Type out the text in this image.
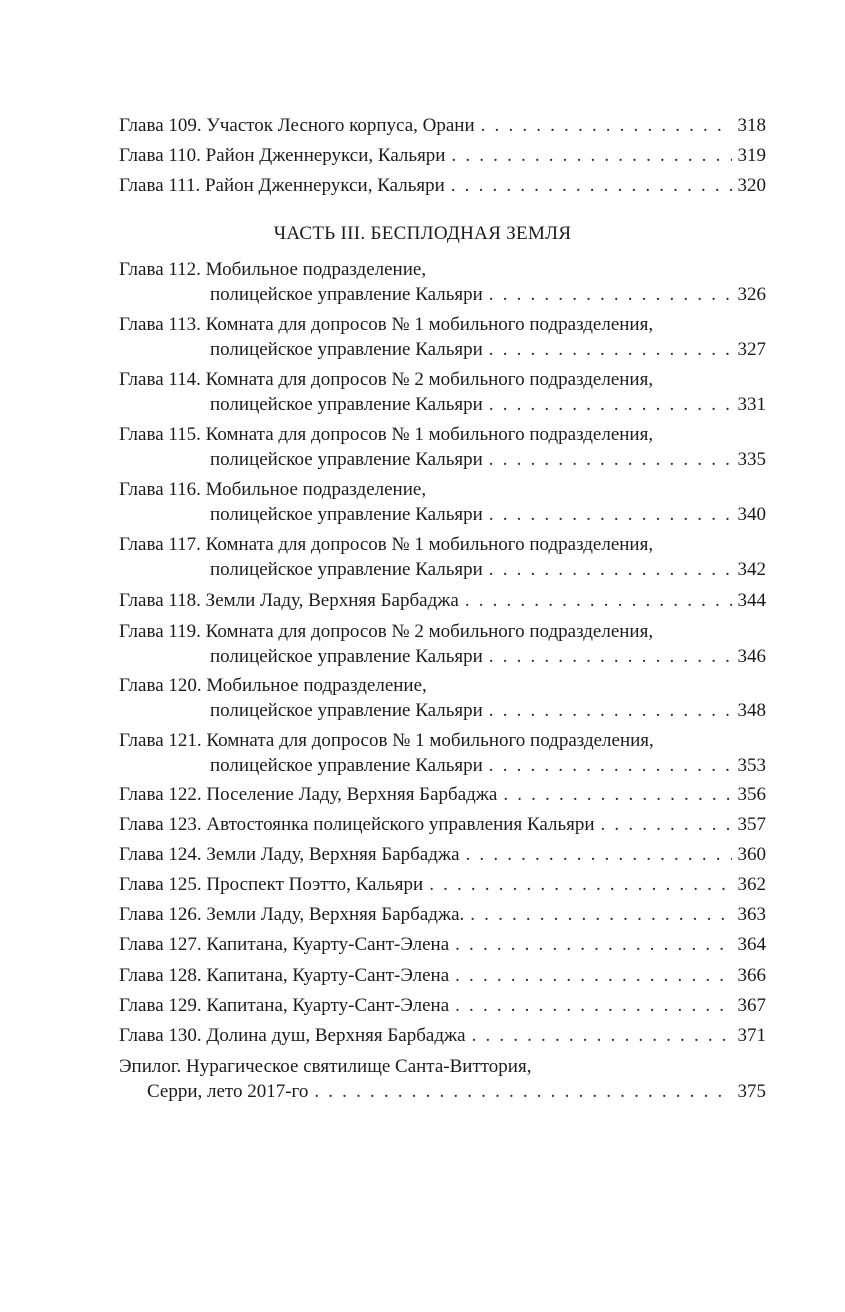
Глава 109. Участок Лесного корпуса, Орани . . .	318
Глава 110. Район Дженнерукси, Кальяри . . .	319
Глава 111. Район Дженнерукси, Кальяри . . .	320
ЧАСТЬ III. БЕСПЛОДНАЯ ЗЕМЛЯ
Глава 112. Мобильное подразделение,
полицейское управление Кальяри . . .	326
Глава 113. Комната для допросов № 1 мобильного подразделения,
полицейское управление Кальяри . . .	327
Глава 114. Комната для допросов № 2 мобильного подразделения,
полицейское управление Кальяри . . .	331
Глава 115. Комната для допросов № 1 мобильного подразделения,
полицейское управление Кальяри . . .	335
Глава 116. Мобильное подразделение,
полицейское управление Кальяри . . .	340
Глава 117. Комната для допросов № 1 мобильного подразделения,
полицейское управление Кальяри . . .	342
Глава 118. Земли Ладу, Верхняя Барбаджа . . .	344
Глава 119. Комната для допросов № 2 мобильного подразделения,
полицейское управление Кальяри . . .	346
Глава 120. Мобильное подразделение,
полицейское управление Кальяри . . .	348
Глава 121. Комната для допросов № 1 мобильного подразделения,
полицейское управление Кальяри . . .	353
Глава 122. Поселение Ладу, Верхняя Барбаджа . . .	356
Глава 123. Автостоянка полицейского управления Кальяри . . .	357
Глава 124. Земли Ладу, Верхняя Барбаджа . . .	360
Глава 125. Проспект Поэтто, Кальяри . . .	362
Глава 126. Земли Ладу, Верхняя Барбаджа. . . .	363
Глава 127. Капитана, Куарту-Сант-Элена . . .	364
Глава 128. Капитана, Куарту-Сант-Элена . . .	366
Глава 129. Капитана, Куарту-Сант-Элена . . .	367
Глава 130. Долина душ, Верхняя Барбаджа . . .	371
Эпилог. Нурагическое святилище Санта-Виттория,
Серри, лето 2017-го . . .	375
